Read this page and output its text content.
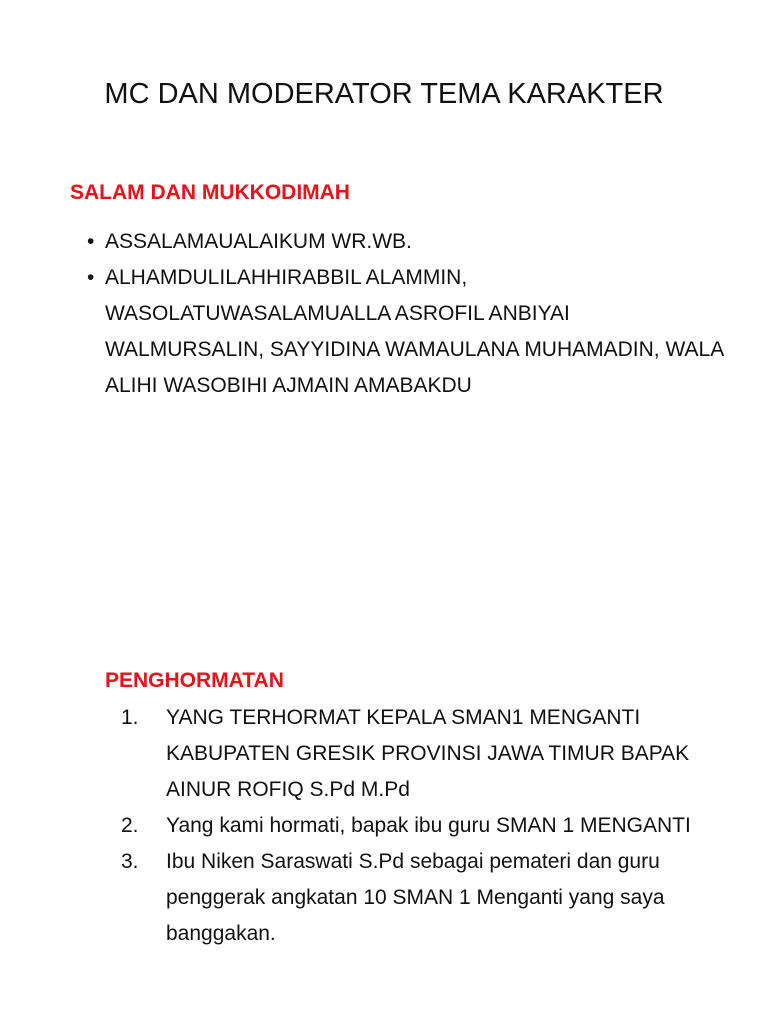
MC DAN MODERATOR TEMA KARAKTER
SALAM DAN MUKKODIMAH
• ASSALAMAUALAIKUM WR.WB.
• ALHAMDULILAHHIRABBIL ALAMMIN, WASOLATUWASALAMUALLA ASROFIL ANBIYAI WALMURSALIN, SAYYIDINA WAMAULANA MUHAMADIN, WALA ALIHI WASOBIHI AJMAIN AMABAKDU
PENGHORMATAN
1. YANG TERHORMAT KEPALA SMAN1 MENGANTI KABUPATEN GRESIK PROVINSI JAWA TIMUR BAPAK AINUR ROFIQ S.Pd M.Pd
2. Yang kami hormati, bapak ibu guru SMAN 1 MENGANTI
3. Ibu Niken Saraswati S.Pd sebagai pemateri dan guru penggerak angkatan 10 SMAN 1 Menganti yang saya banggakan.
